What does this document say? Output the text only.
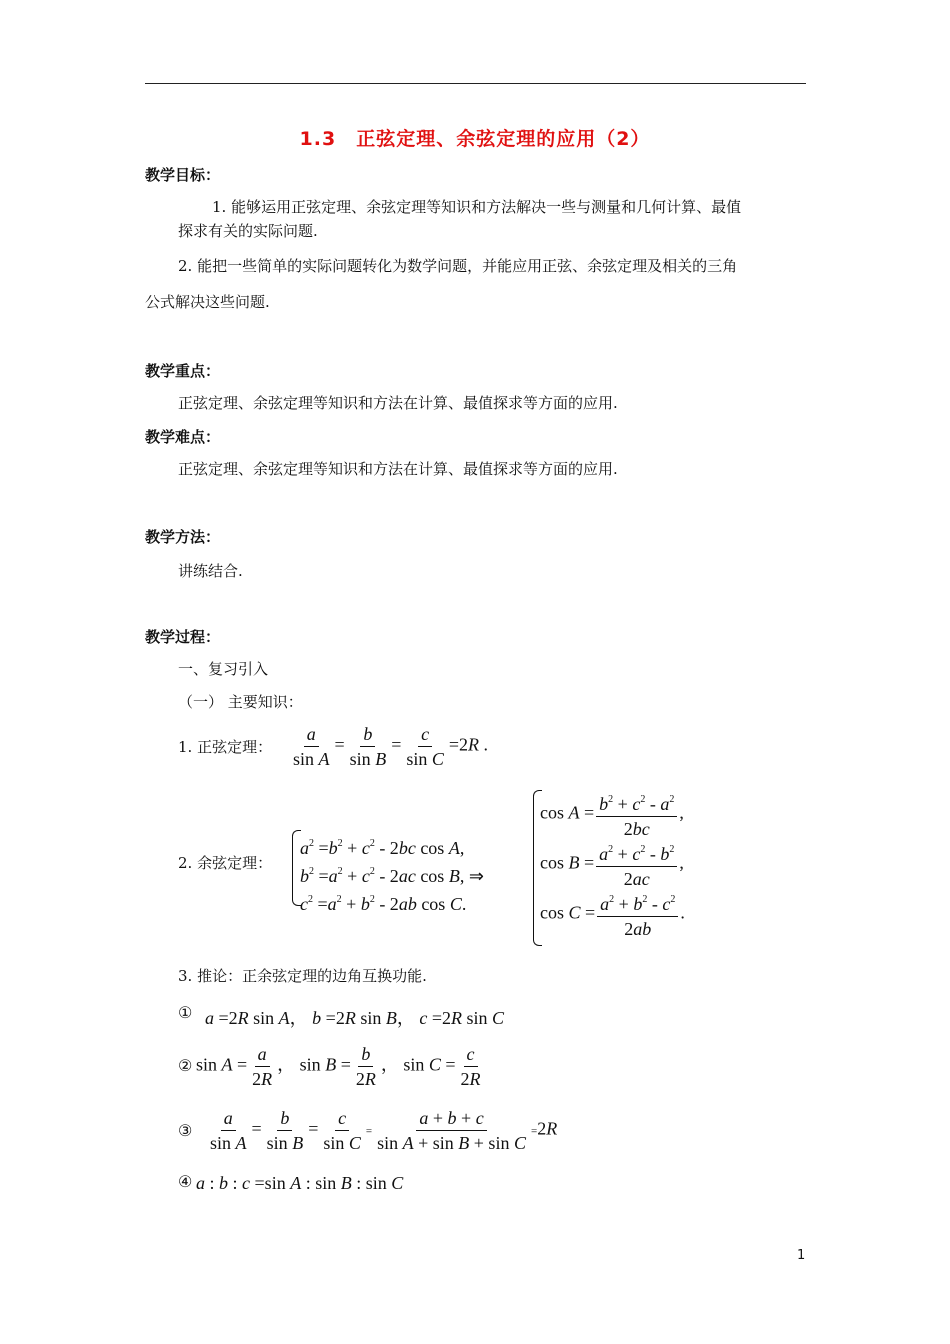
1.3　正弦定理、余弦定理的应用（2）
教学目标：
1. 能够运用正弦定理、余弦定理等知识和方法解决一些与测量和几何计算、最值
探求有关的实际问题.
2. 能把一些简单的实际问题转化为数学问题，并能应用正弦、余弦定理及相关的三角
公式解决这些问题.
教学重点：
正弦定理、余弦定理等知识和方法在计算、最值探求等方面的应用.
教学难点：
正弦定理、余弦定理等知识和方法在计算、最值探求等方面的应用.
教学方法：
讲练结合.
教学过程：
一、复习引入
（一） 主要知识：
1. 正弦定理： $\frac{a}{\text{sin A}} = \frac{b}{\text{sin B}} = \frac{c}{\text{sin C}} =2R$ .
2. 余弦定理：
$a^2 =b^2 + c^2 - 2bc$ cos A,
$b^2 =a^2 + c^2 - 2ac$ cos B, ⇒
$c^2 =a^2 + b^2 - 2ab$ cos C.
$\cos A = \frac{b^2 + c^2 - a^2}{2bc}$ ,
$\cos B = \frac{a^2 + c^2 - b^2}{2ac}$ ,
$\cos C = \frac{a^2 + b^2 - c^2}{2ab}$ .
3. 推论：正余弦定理的边角互换功能.
① a =2R sin A， b =2R sin B， c =2R sin C
② $\sin A = \frac{a}{2R}$ ， $\sin B = \frac{b}{2R}$ ， $\sin C = \frac{c}{2R}$
③ $\frac{a}{\text{sin A}} = \frac{b}{\text{sin B}} = \frac{c}{\text{sin C}} = \frac{a + b + c}{\text{sin A + sin B + sin C}} =2R$
④ a : b : c =sin A : sin B : sin C
1
